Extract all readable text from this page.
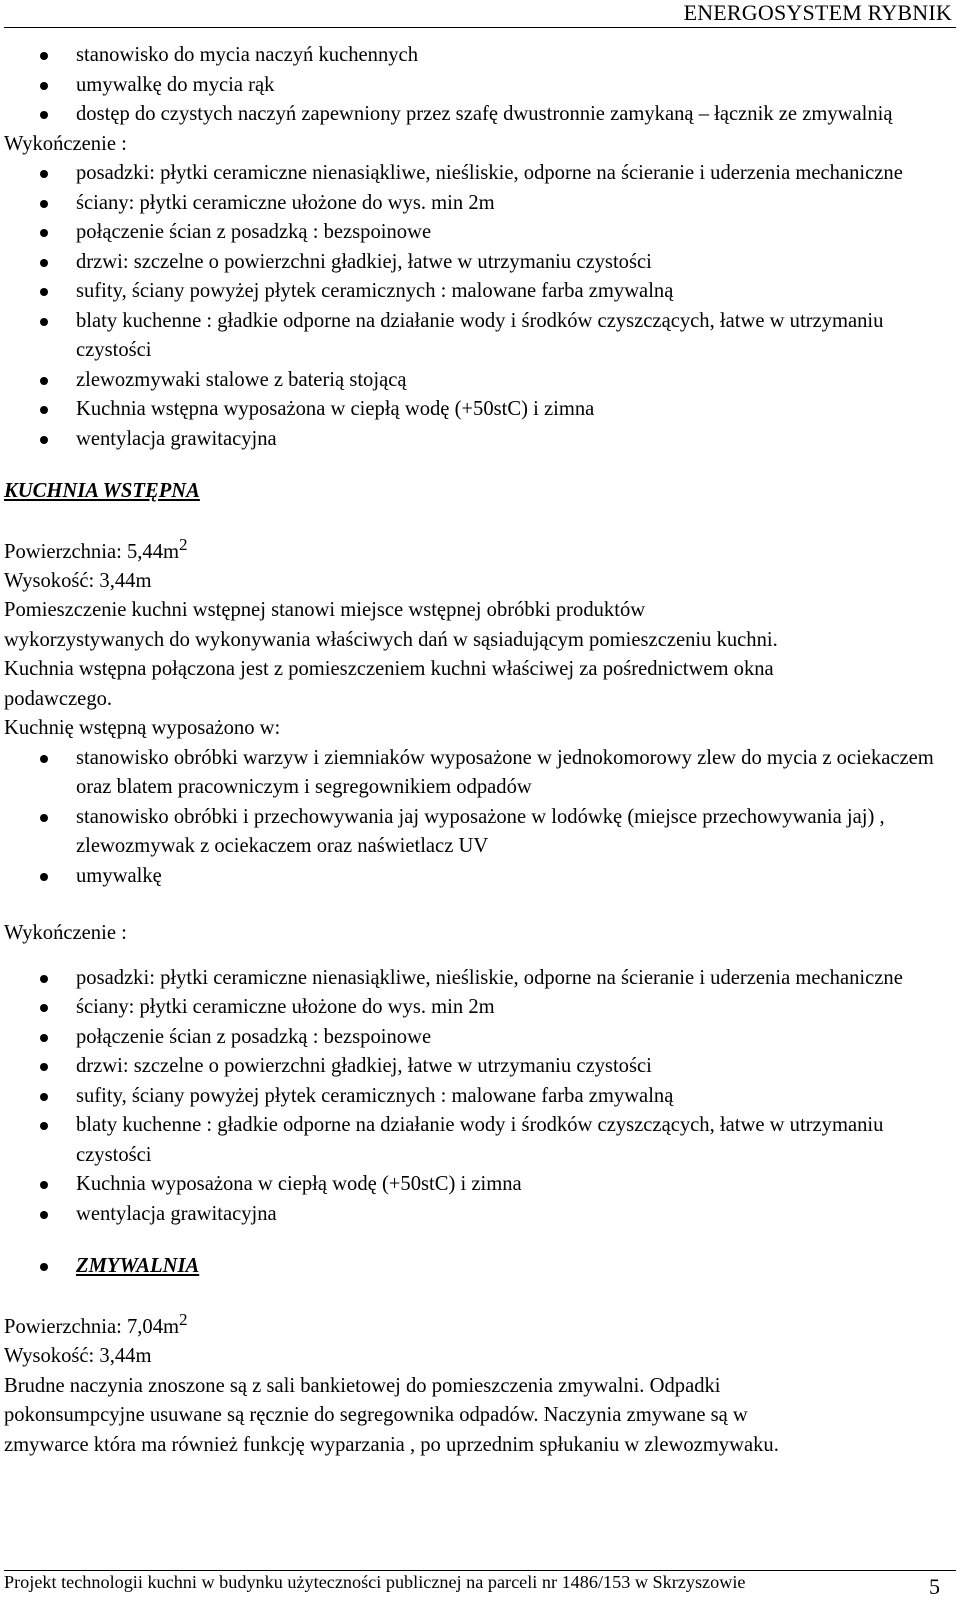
ENERGOSYSTEM RYBNIK
stanowisko do mycia naczyń kuchennych
umywalkę do mycia rąk
dostęp do czystych naczyń zapewniony przez szafę dwustronnie zamykaną – łącznik ze zmywalnią

Wykończenie :

posadzki: płytki ceramiczne nienasiąkliwe, nieśliskie, odporne na ścieranie i uderzenia mechaniczne
ściany: płytki ceramiczne ułożone do wys. min 2m
połączenie ścian z posadzką : bezspoinowe
drzwi: szczelne o powierzchni gładkiej, łatwe w utrzymaniu czystości
sufity, ściany powyżej płytek ceramicznych : malowane farba zmywalną
blaty kuchenne : gładkie odporne na działanie wody i środków czyszczących, łatwe w utrzymaniu czystości
zlewozmywaki stalowe z baterią stojącą
Kuchnia wstępna wyposażona w ciepłą wodę (+50stC) i zimna
wentylacja grawitacyjna

KUCHNIA WSTĘPNA

Powierzchnia: $5,44m^2$

Wysokość: 3,44m

Pomieszczenie kuchni wstępnej stanowi miejsce wstępnej obróbki produktów

wykorzystywanych do wykonywania właściwych dań w sąsiadującym pomieszczeniu kuchni.

Kuchnia wstępna połączona jest z pomieszczeniem kuchni właściwej za pośrednictwem okna

podawczego.

Kuchnię wstępną wyposażono w:

stanowisko obróbki warzyw i ziemniaków wyposażone w jednokomorowy zlew do mycia z ociekaczem oraz blatem pracowniczym i segregownikiem odpadów
stanowisko obróbki i przechowywania jaj wyposażone w lodówkę (miejsce przechowywania jaj) , zlewozmywak z ociekaczem oraz naświetlacz UV
umywalkę

Wykończenie :

posadzki: płytki ceramiczne nienasiąkliwe, nieśliskie, odporne na ścieranie i uderzenia mechaniczne
ściany: płytki ceramiczne ułożone do wys. min 2m
połączenie ścian z posadzką : bezspoinowe
drzwi: szczelne o powierzchni gładkiej, łatwe w utrzymaniu czystości
sufity, ściany powyżej płytek ceramicznych : malowane farba zmywalną
blaty kuchenne : gładkie odporne na działanie wody i środków czyszczących, łatwe w utrzymaniu czystości
Kuchnia wyposażona w ciepłą wodę (+50stC) i zimna
wentylacja grawitacyjna
ZMYWALNIA

Powierzchnia: $7,04m^2$

Wysokość: 3,44m

Brudne naczynia znoszone są z sali bankietowej do pomieszczenia zmywalni. Odpadki

pokonsumpcyjne usuwane są ręcznie do segregownika odpadów. Naczynia zmywane są w

zmywarce która ma również funkcję wyparzania , po uprzednim spłukaniu w zlewozmywaku.

Projekt technologii kuchni w budynku użyteczności publicznej na parceli nr 1486/153 w Skrzyszowie	5
